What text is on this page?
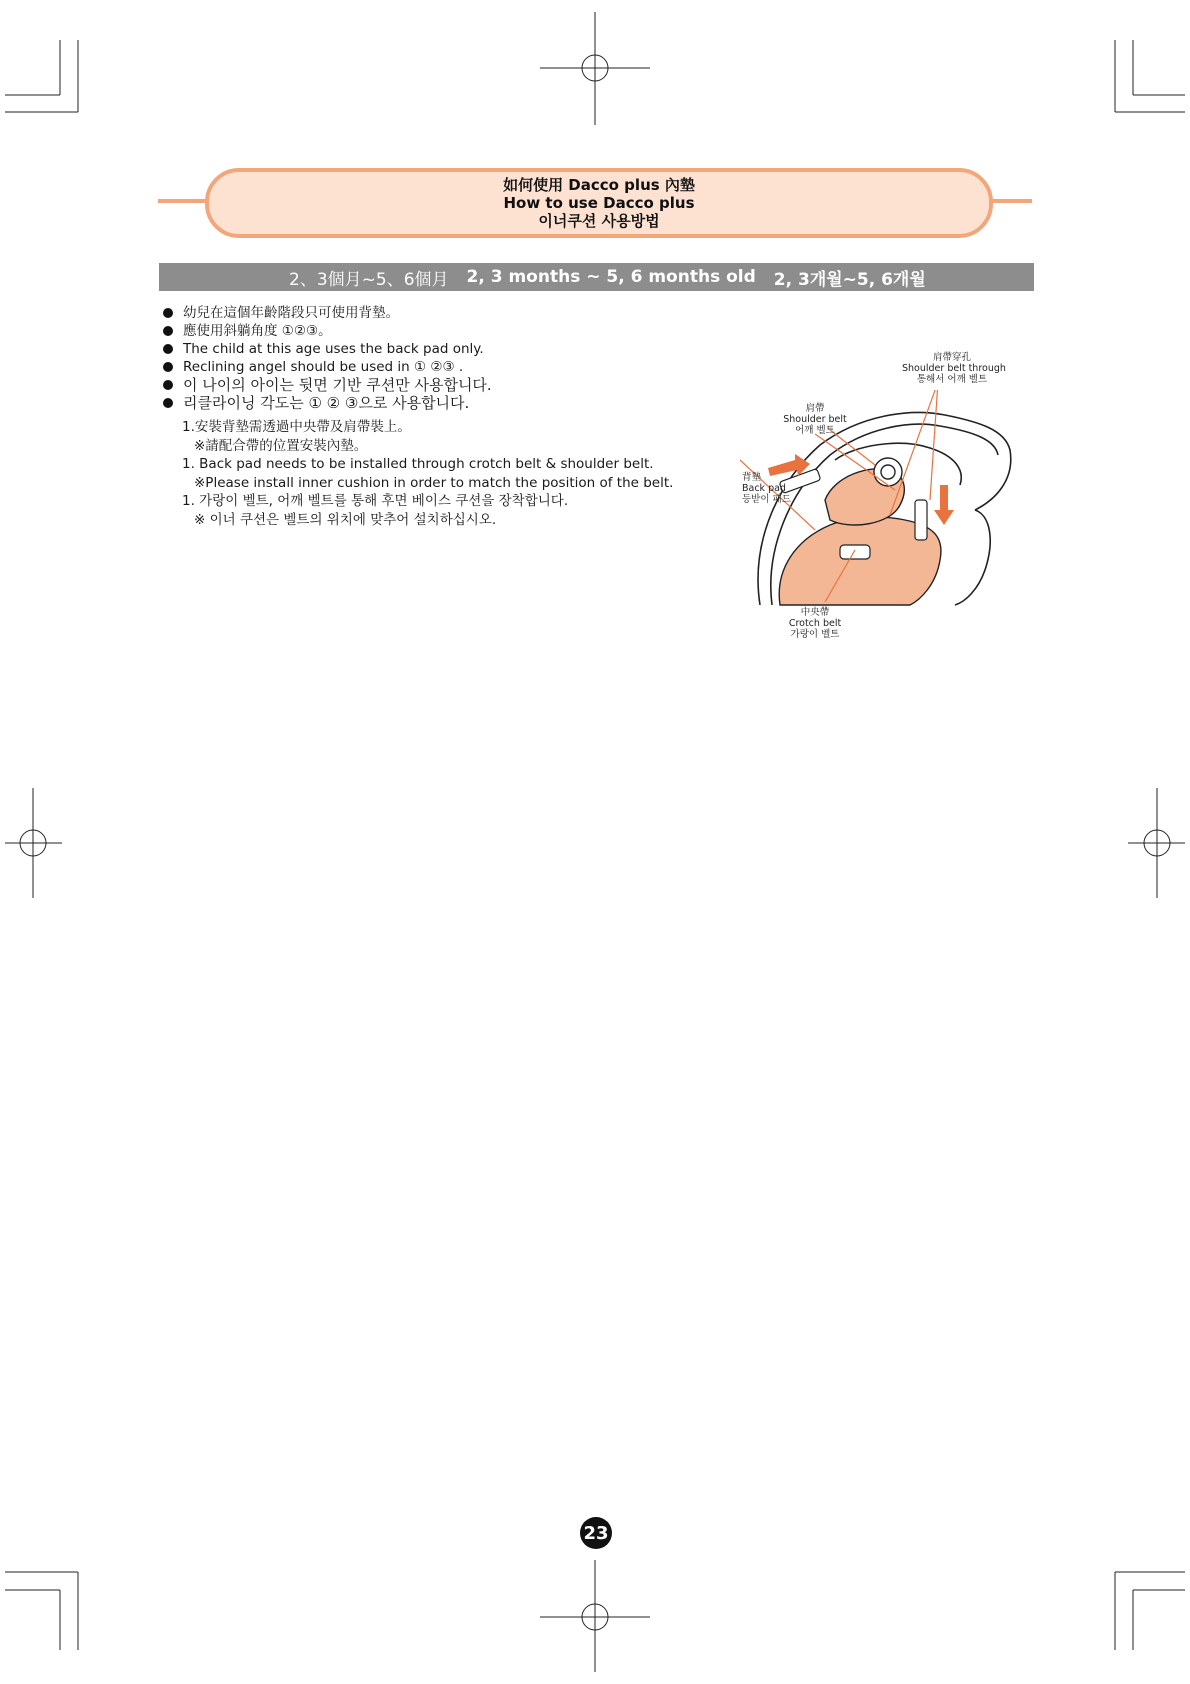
如何使用 Dacco plus 內墊
How to use Dacco plus
이너쿠션 사용방법
2、3個月~5、6個月 2, 3 months ~ 5, 6 months old 2, 3개월~5, 6개월
幼兒在這個年齡階段只可使用背墊。
應使用斜躺角度 ①②③。
The child at this age uses the back pad only.
Reclining angel should be used in ① ②③ .
이 나이의 아이는 뒷면 기반 쿠션만 사용합니다.
리클라이닝 각도는 ① ② ③으로 사용합니다.
1.安裝背墊需透過中央帶及肩帶裝上。
※請配合帶的位置安裝內墊。
1. Back pad needs to be installed through crotch belt & shoulder belt.
※Please install inner cushion in order to match the position of the belt.
1. 가랑이 벨트, 어깨 벨트를 통해 후면 베이스 쿠션을 장착합니다.
※ 이너 쿠션은 벨트의 위치에 맞추어 설치하십시오.
肩帶穿孔
Shoulder belt through
통해서 어깨 벨트
肩帶
Shoulder belt
어깨 벨트
背墊
Back pad
등받이 패드
中央帶
Crotch belt
가랑이 벨트
23
